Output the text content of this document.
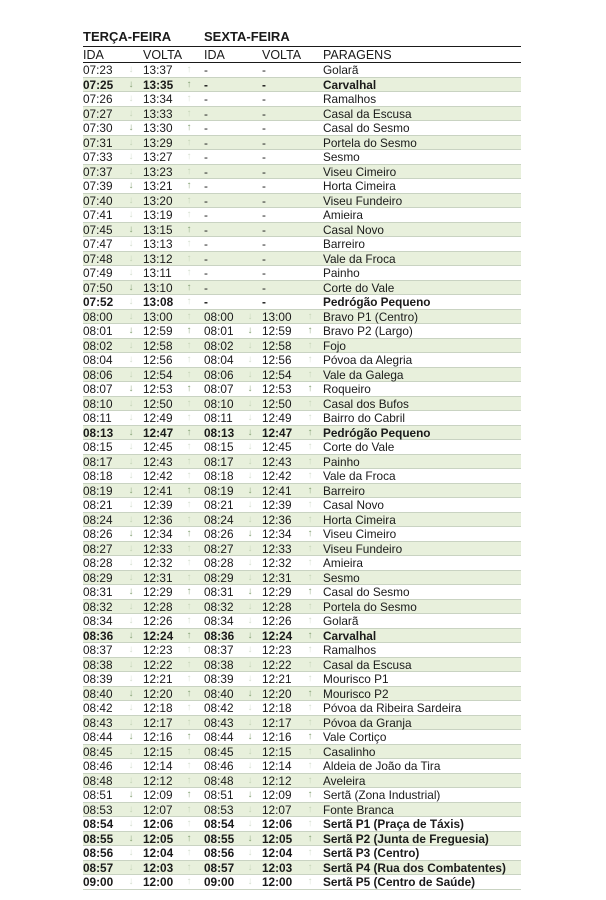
TERÇA-FEIRA	SEXTA-FEIRA
IDA	VOLTA IDA	VOLTA PARAGENS
07:23	13:37	-	-	Golarã
↓	↑
07:25	13:35	-	-	Carvalhal
↓	↑
07:26	13:34	-	-	Ramalhos
↓	↑
07:27	13:33	-	-	Casal da Escusa
↓	↑
07:30	13:30	-	-	Casal do Sesmo
↓	↑
07:31	13:29	-	-	Portela do Sesmo
↓	↑
07:33	13:27	-	-	Sesmo
↓	↑
07:37	13:23	-	-	Viseu Cimeiro
↓	↑
07:39	13:21	-	-	Horta Cimeira
↓	↑
07:40	13:20	-	-	Viseu Fundeiro
↓	↑
07:41	13:19	-	-	Amieira
↓	↑
07:45	13:15	-	-	Casal Novo
↓	↑
07:47	13:13	-	-	Barreiro
↓	↑
07:48	13:12	-	-	Vale da Froca
↓	↑
07:49	13:11	-	-	Painho
↓	↑
07:50	13:10	-	-	Corte do Vale
↓	↑
07:52	13:08	-	-	Pedrógão Pequeno
↓	↑
08:00	13:00	08:00 13:00	Bravo P1 (Centro)
↓	↑	↓	↑
08:01	12:59	08:01 12:59	Bravo P2 (Largo)
↓	↑	↓	↑
08:02	12:58	08:02 12:58	Fojo
↓	↑	↓	↑
08:04	12:56	08:04 12:56	Póvoa da Alegria
↓	↑	↓	↑
08:06	12:54	08:06 12:54	Vale da Galega
↓	↑	↓	↑
08:07	12:53	08:07 12:53	Roqueiro
↓	↑	↓	↑
08:10	12:50	08:10 12:50	Casal dos Bufos
↓	↑	↓	↑
08:11	12:49	08:11 12:49	Bairro do Cabril
↓	↑	↓	↑
08:13	12:47	08:13 12:47	Pedrógão Pequeno
↓	↑	↓	↑
08:15	12:45	08:15 12:45	Corte do Vale
↓	↑	↓	↑
08:17	12:43	08:17 12:43	Painho
↓	↑	↓	↑
08:18	12:42	08:18 12:42	Vale da Froca
↓	↑	↓	↑
08:19	12:41	08:19 12:41	Barreiro
↓	↑	↓	↑
08:21	12:39	08:21 12:39	Casal Novo
↓	↑	↓	↑
08:24	12:36	08:24 12:36	Horta Cimeira
↓	↑	↓	↑
08:26	12:34	08:26 12:34	Viseu Cimeiro
↓	↑	↓	↑
08:27	12:33	08:27 12:33	Viseu Fundeiro
↓	↑	↓	↑
08:28	12:32	08:28 12:32	Amieira
↓	↑	↓	↑
08:29	12:31	08:29 12:31	Sesmo
↓	↑	↓	↑
08:31	12:29	08:31 12:29	Casal do Sesmo
↓	↑	↓	↑
08:32	12:28	08:32 12:28	Portela do Sesmo
↓	↑	↓	↑
08:34	12:26	08:34 12:26	Golarã
↓	↑	↓	↑
08:36	12:24	08:36 12:24	Carvalhal
↓	↑	↓	↑
08:37	12:23	08:37 12:23	Ramalhos
↓	↑	↓	↑
08:38	12:22	08:38 12:22	Casal da Escusa
↓	↑	↓	↑
08:39	12:21	08:39 12:21	Mourisco P1
↓	↑	↓	↑
08:40	12:20	08:40 12:20	Mourisco P2
↓	↑	↓	↑
08:42	12:18	08:42 12:18	Póvoa da Ribeira Sardeira
↓	↑	↓	↑
08:43	12:17	08:43 12:17	Póvoa da Granja
↓	↑	↓	↑
08:44	12:16	08:44 12:16	Vale Cortiço
↓	↑	↓	↑
08:45	12:15	08:45 12:15	Casalinho
↓	↑	↓	↑
08:46	12:14	08:46 12:14	Aldeia de João da Tira
↓	↑	↓	↑
08:48	12:12	08:48 12:12	Aveleira
↓	↑	↓	↑
08:51	12:09	08:51 12:09	Sertã (Zona Industrial)
↓	↑	↓	↑
08:53	12:07	08:53 12:07	Fonte Branca
↓	↑	↓	↑
08:54	12:06	08:54 12:06	Sertã P1 (Praça de Táxis)
↓	↑	↓	↑
08:55	12:05	08:55 12:05	Sertã P2 (Junta de Freguesia)
↓	↑	↓	↑
08:56	12:04	08:56 12:04	Sertã P3 (Centro)
↓	↑	↓	↑
08:57	12:03	08:57 12:03	Sertã P4 (Rua dos Combatentes)
↓	↑	↓	↑
09:00	12:00	09:00 12:00	Sertã P5 (Centro de Saúde)
↓	↑	↓	↑
